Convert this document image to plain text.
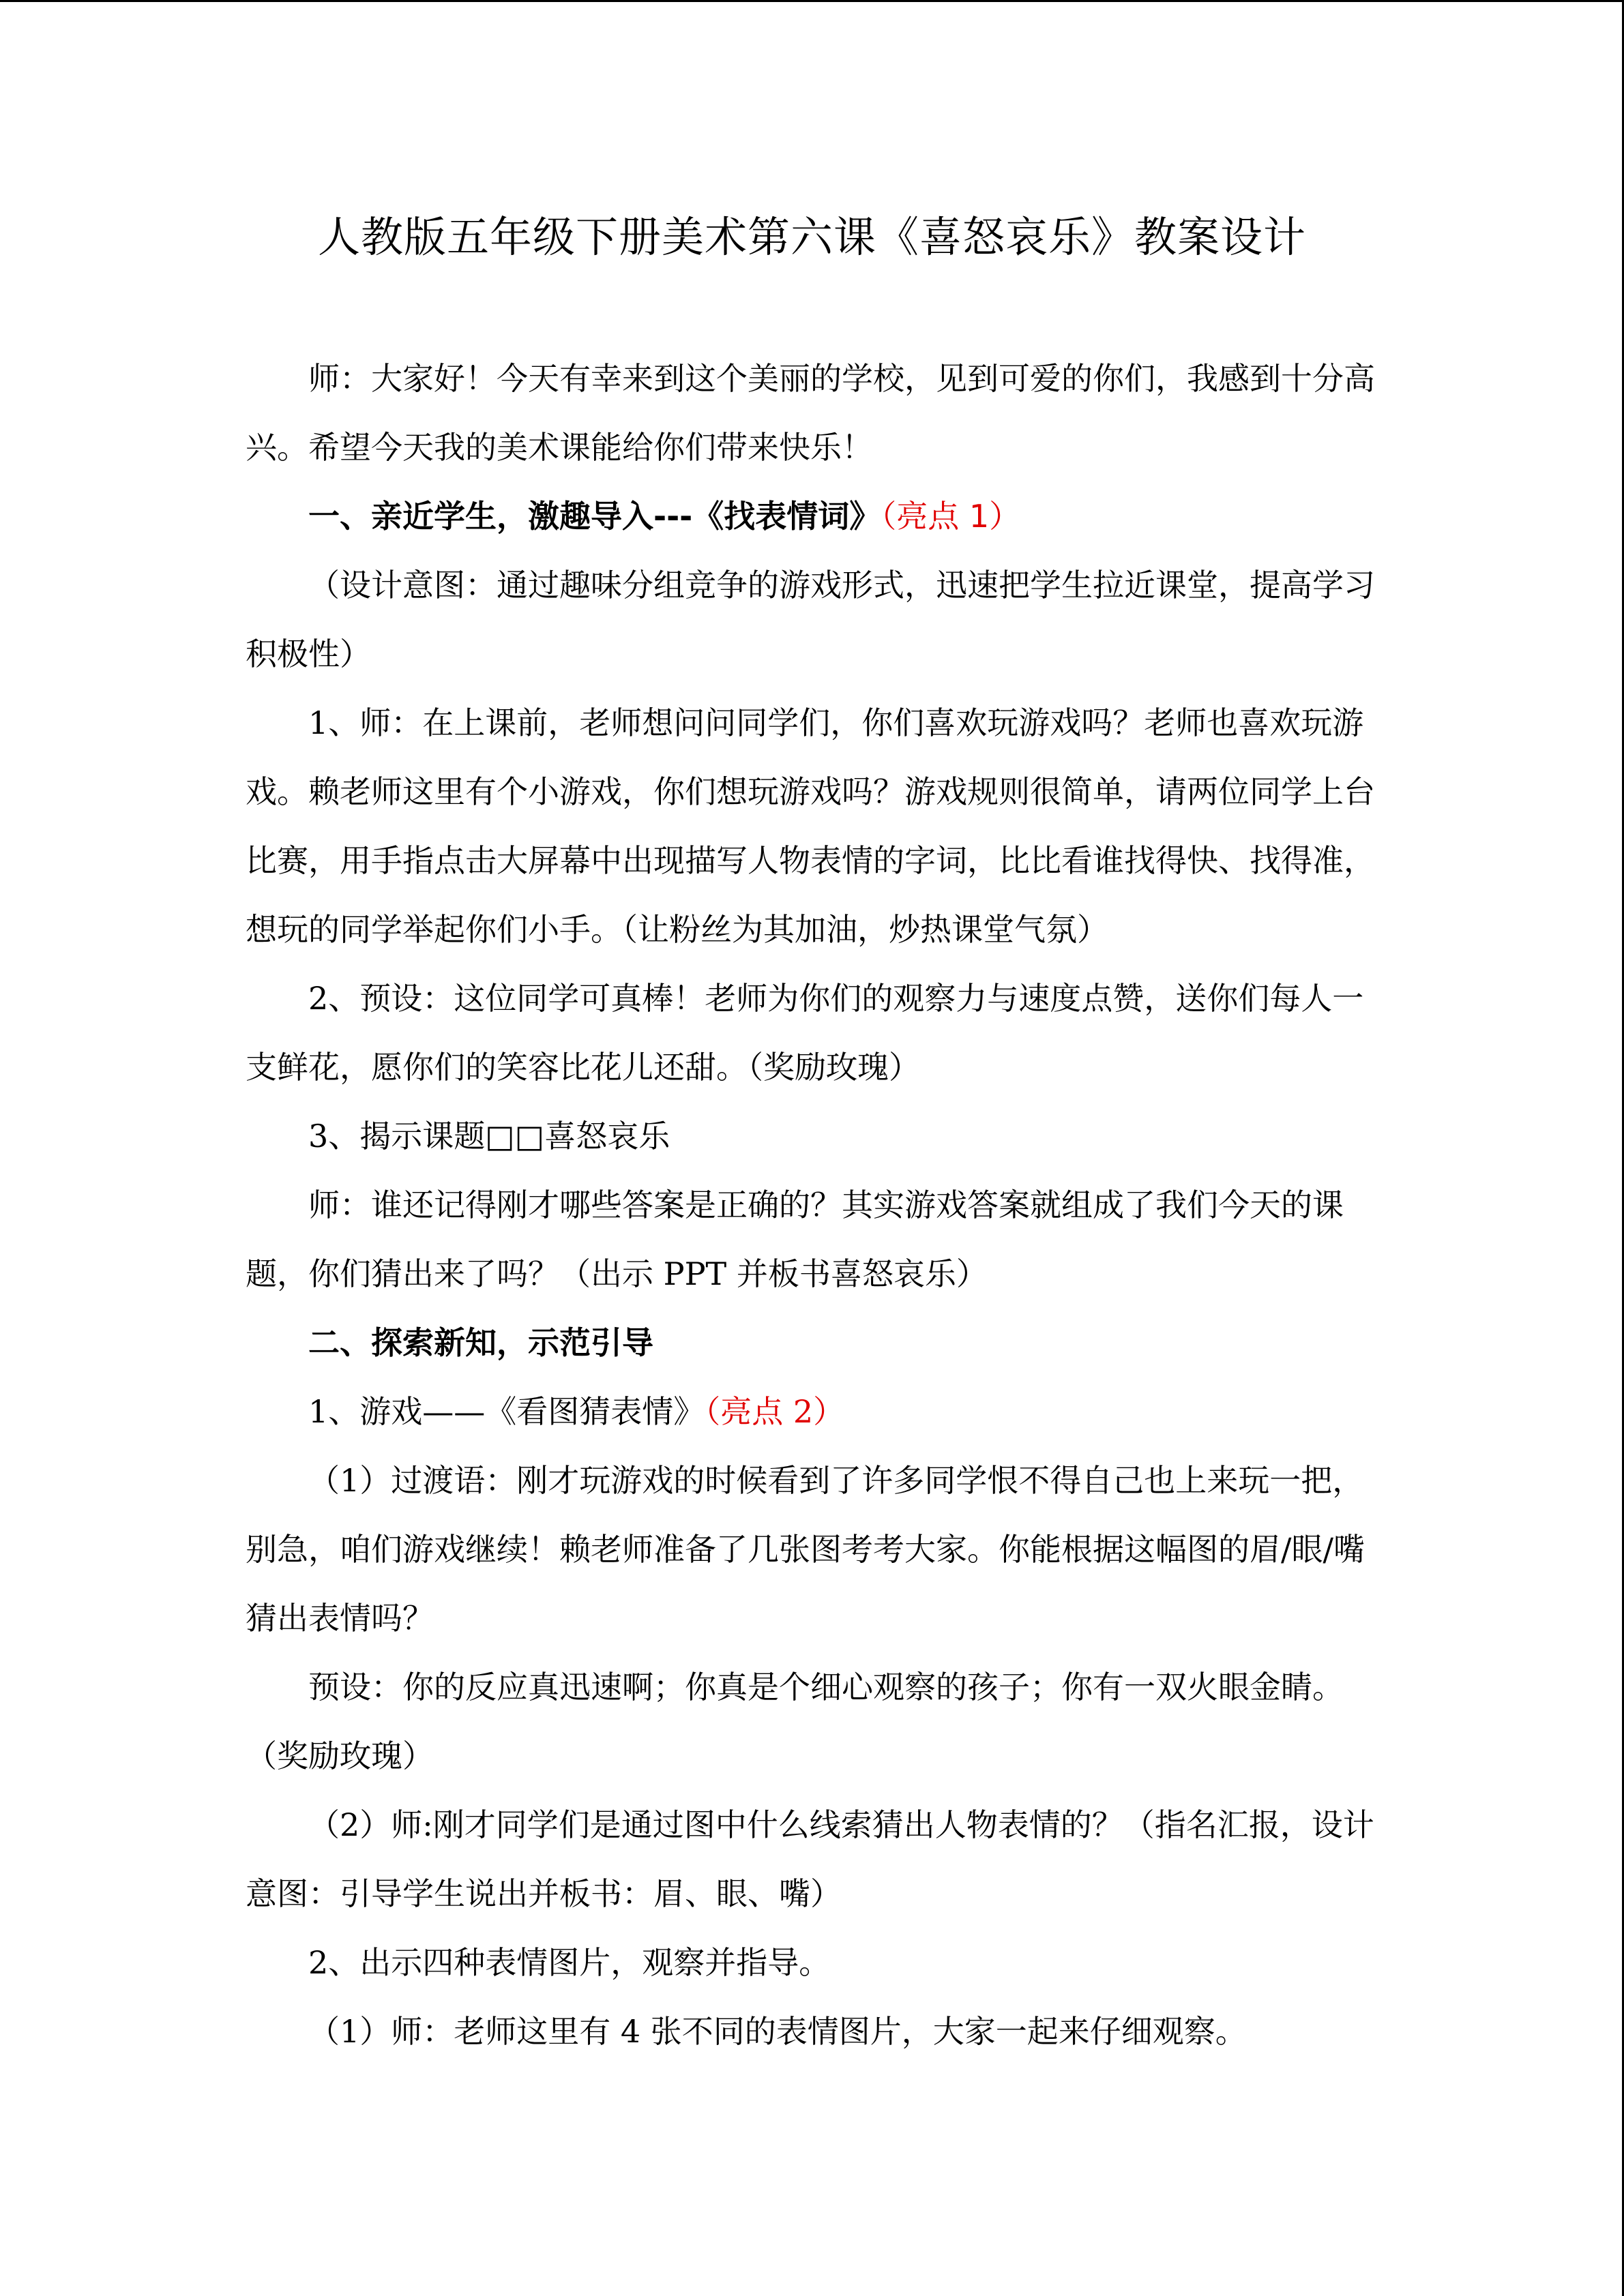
人教版五年级下册美术第六课《喜怒哀乐》教案设计

师：大家好！今天有幸来到这个美丽的学校，见到可爱的你们，我感到十分高兴。希望今天我的美术课能给你们带来快乐！

一、亲近学生，激趣导入---《找表情词》（亮点 1）

（设计意图：通过趣味分组竞争的游戏形式，迅速把学生拉近课堂，提高学习积极性）

1、师：在上课前，老师想问问同学们，你们喜欢玩游戏吗？老师也喜欢玩游戏。赖老师这里有个小游戏，你们想玩游戏吗？游戏规则很简单，请两位同学上台比赛，用手指点击大屏幕中出现描写人物表情的字词，比比看谁找得快、找得准，想玩的同学举起你们小手。（让粉丝为其加油，炒热课堂气氛）

2、预设：这位同学可真棒！老师为你们的观察力与速度点赞，送你们每人一支鲜花，愿你们的笑容比花儿还甜。（奖励玫瑰）

3、揭示课题□□喜怒哀乐

师：谁还记得刚才哪些答案是正确的？其实游戏答案就组成了我们今天的课题，你们猜出来了吗？（出示 PPT 并板书喜怒哀乐）

二、探索新知，示范引导

1、游戏——《看图猜表情》（亮点 2）

（1）过渡语：刚才玩游戏的时候看到了许多同学恨不得自己也上来玩一把，别急，咱们游戏继续！赖老师准备了几张图考考大家。你能根据这幅图的眉/眼/嘴猜出表情吗？

预设：你的反应真迅速啊；你真是个细心观察的孩子；你有一双火眼金睛。（奖励玫瑰）

（2）师:刚才同学们是通过图中什么线索猜出人物表情的？（指名汇报，设计意图：引导学生说出并板书：眉、眼、嘴）

2、出示四种表情图片，观察并指导。

（1）师：老师这里有 4 张不同的表情图片，大家一起来仔细观察。
